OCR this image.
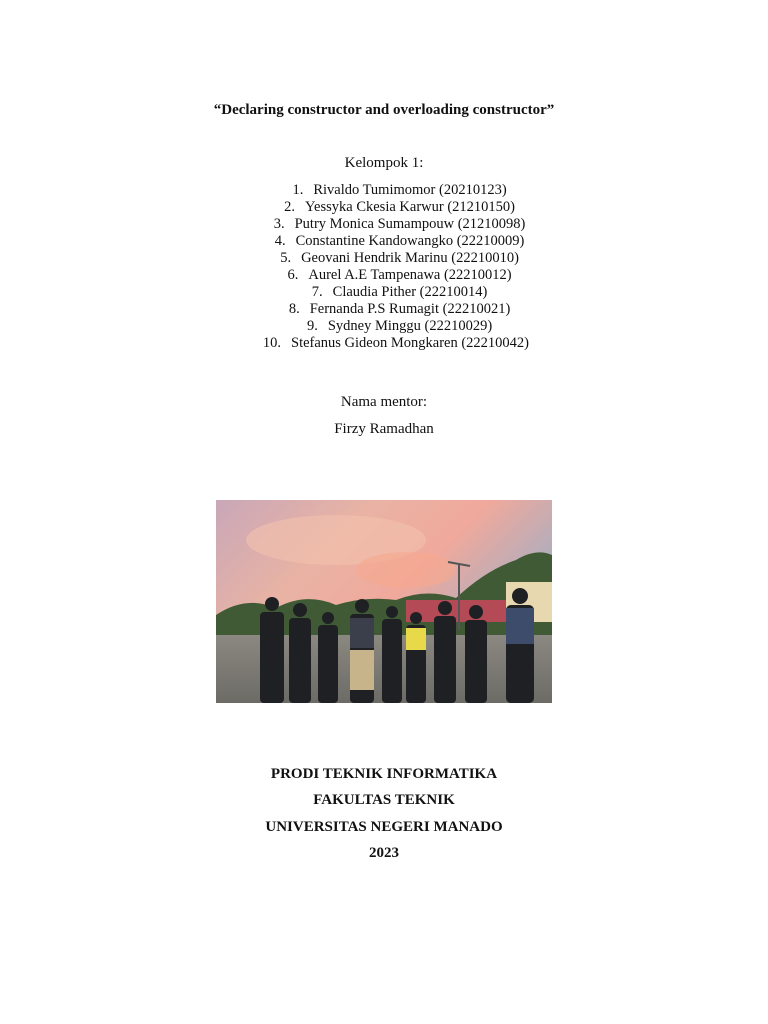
“Declaring constructor and overloading constructor”
Kelompok 1:
1. Rivaldo Tumimomor (20210123)
2. Yessyka Ckesia Karwur (21210150)
3. Putry Monica Sumampouw (21210098)
4. Constantine Kandowangko (22210009)
5. Geovani Hendrik Marinu (22210010)
6. Aurel A.E Tampenawa (22210012)
7. Claudia Pither (22210014)
8. Fernanda P.S Rumagit (22210021)
9. Sydney Minggu (22210029)
10. Stefanus Gideon Mongkaren (22210042)
Nama mentor:
Firzy Ramadhan
PRODI TEKNIK INFORMATIKA
FAKULTAS TEKNIK
UNIVERSITAS NEGERI MANADO
2023
